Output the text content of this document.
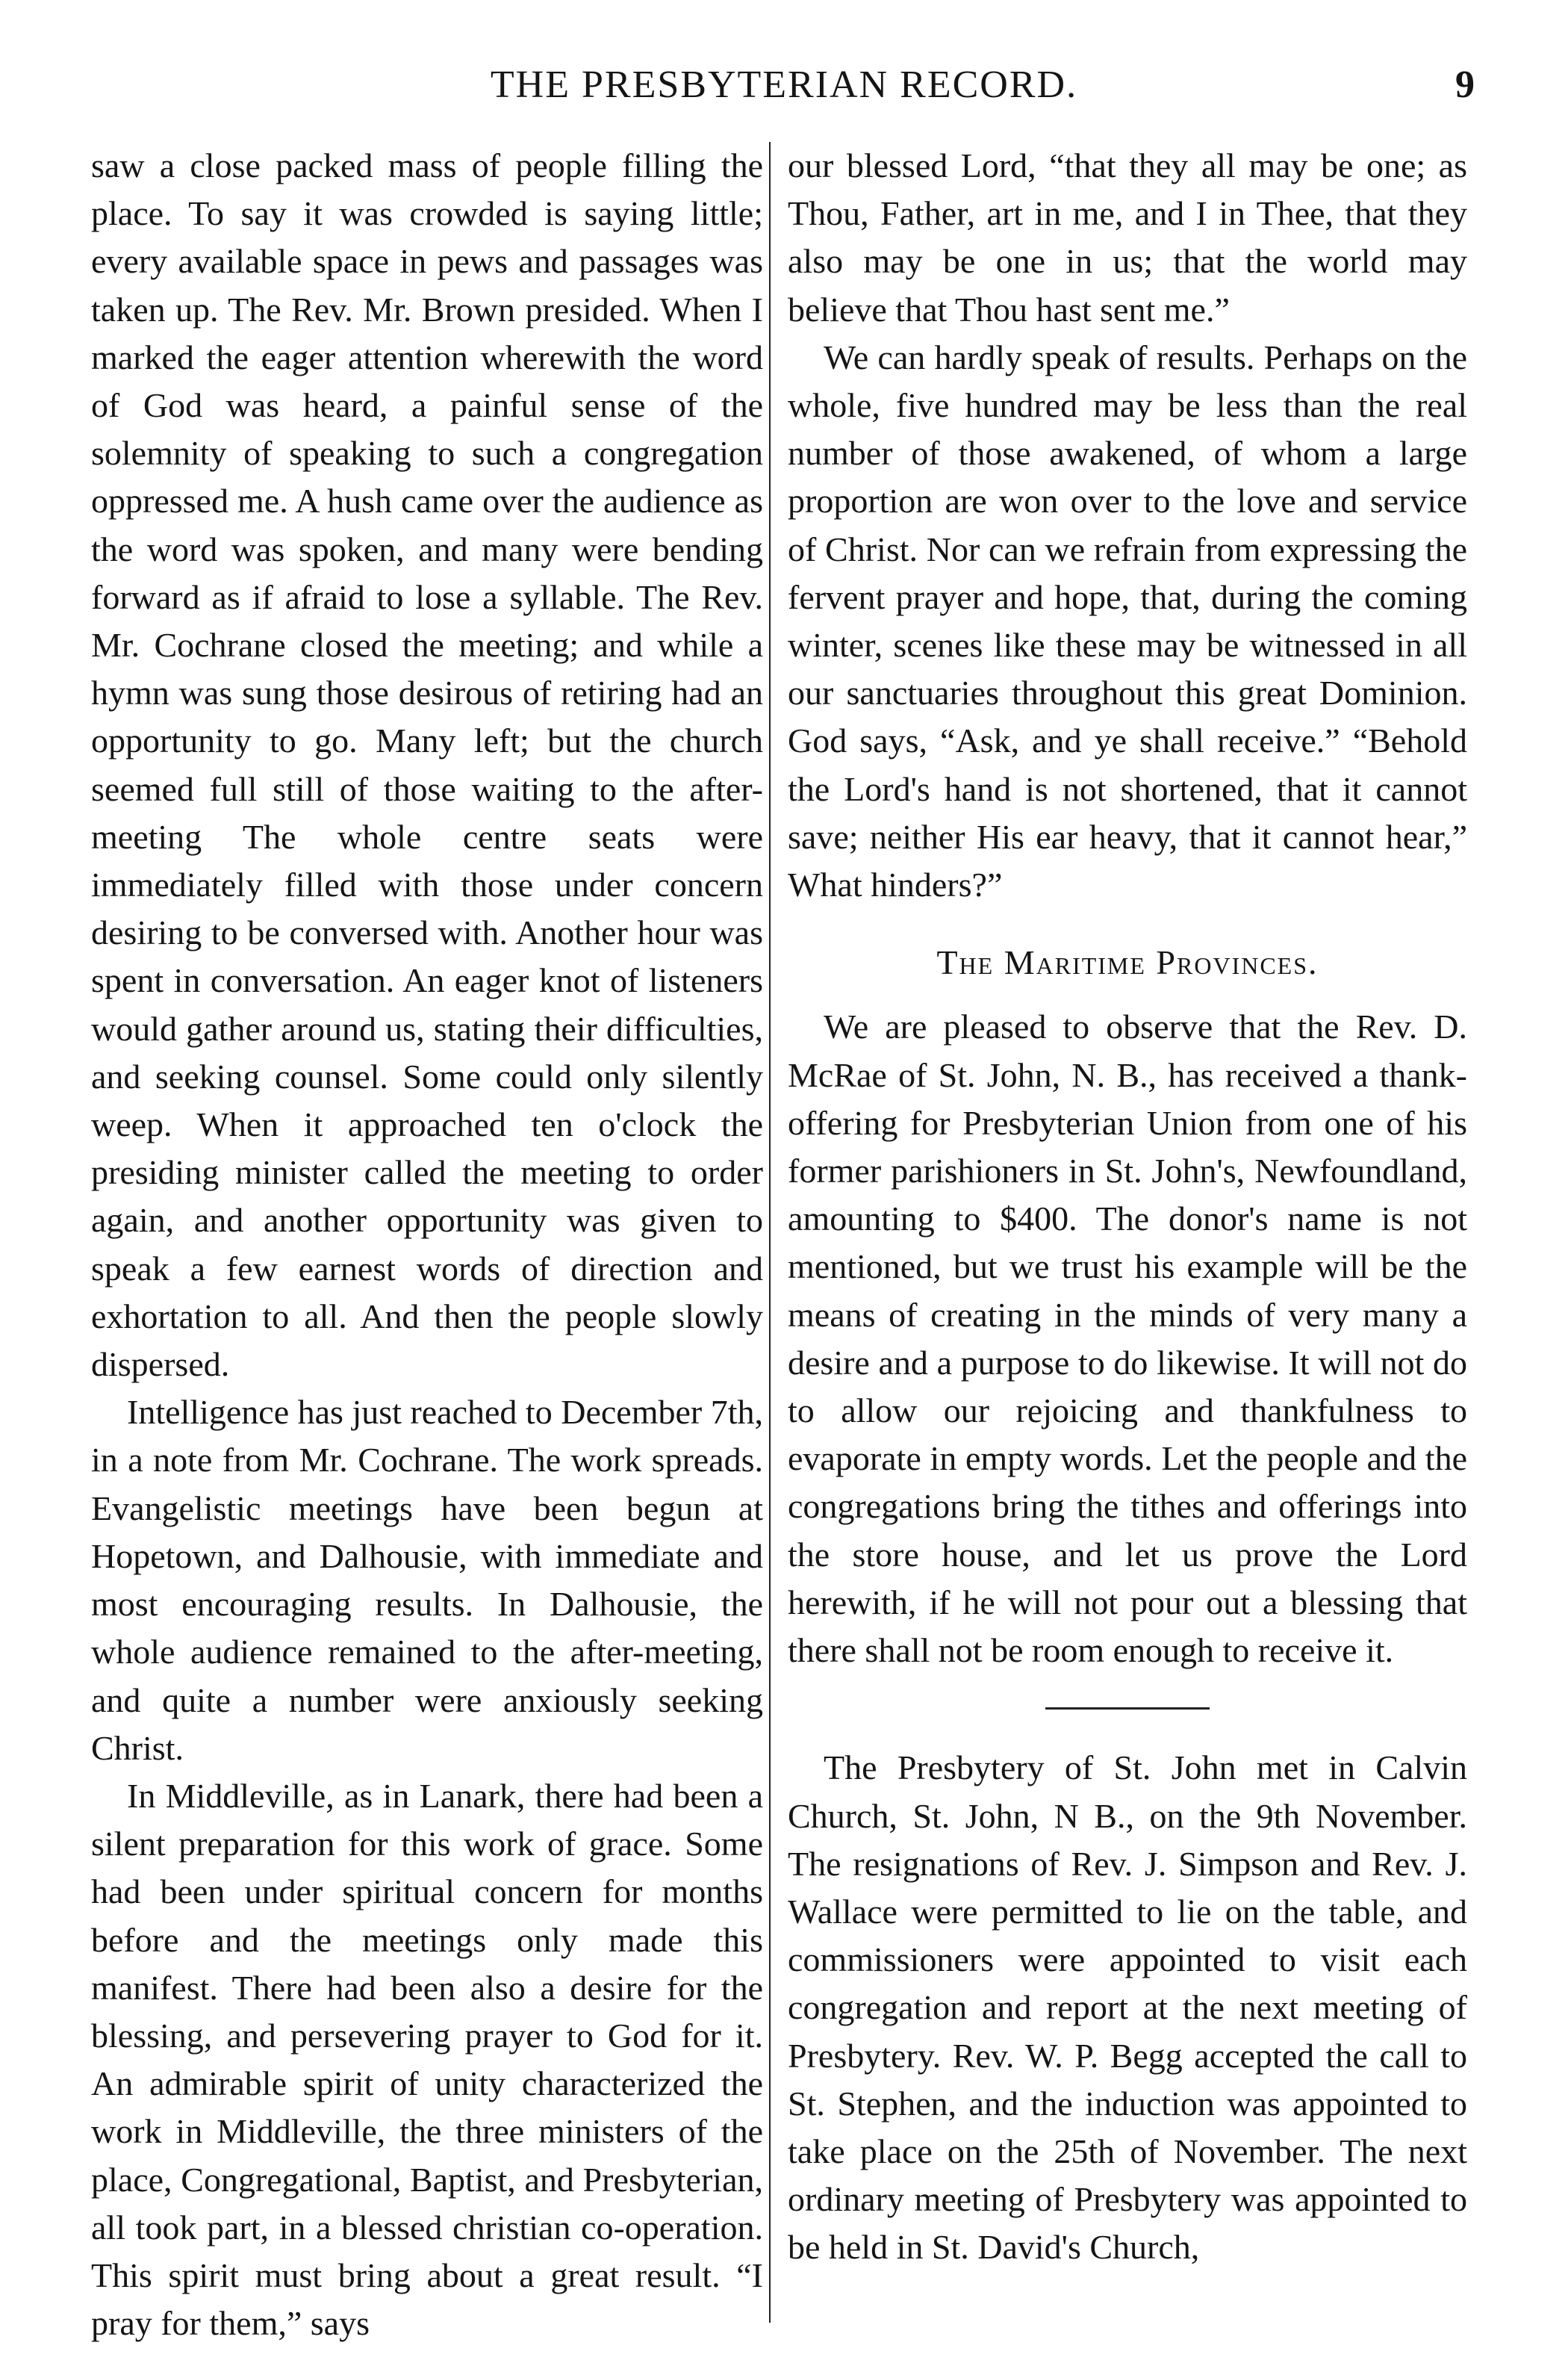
THE PRESBYTERIAN RECORD.	9

saw a close packed mass of people filling the place. To say it was crowded is saying little; every available space in pews and passages was taken up. The Rev. Mr. Brown presided. When I marked the eager attention wherewith the word of God was heard, a painful sense of the solemnity of speaking to such a congregation oppressed me. A hush came over the audience as the word was spoken, and many were bending forward as if afraid to lose a syllable. The Rev. Mr. Cochrane closed the meeting; and while a hymn was sung those desirous of retiring had an opportunity to go. Many left; but the church seemed full still of those waiting to the after-meeting The whole centre seats were immediately filled with those under concern desiring to be conversed with. Another hour was spent in conversation. An eager knot of listeners would gather around us, stating their difficulties, and seeking counsel. Some could only silently weep. When it approached ten o'clock the presiding minister called the meeting to order again, and another opportunity was given to speak a few earnest words of direction and exhortation to all. And then the people slowly dispersed.

Intelligence has just reached to December 7th, in a note from Mr. Cochrane. The work spreads. Evangelistic meetings have been begun at Hopetown, and Dalhousie, with immediate and most encouraging results. In Dalhousie, the whole audience remained to the after-meeting, and quite a number were anxiously seeking Christ.

In Middleville, as in Lanark, there had been a silent preparation for this work of grace. Some had been under spiritual concern for months before and the meetings only made this manifest. There had been also a desire for the blessing, and persevering prayer to God for it. An admirable spirit of unity characterized the work in Middleville, the three ministers of the place, Congregational, Baptist, and Presbyterian, all took part, in a blessed christian co-operation. This spirit must bring about a great result. “I pray for them,” says

our blessed Lord, “that they all may be one; as Thou, Father, art in me, and I in Thee, that they also may be one in us; that the world may believe that Thou hast sent me.”

We can hardly speak of results. Perhaps on the whole, five hundred may be less than the real number of those awakened, of whom a large proportion are won over to the love and service of Christ. Nor can we refrain from expressing the fervent prayer and hope, that, during the coming winter, scenes like these may be witnessed in all our sanctuaries throughout this great Dominion. God says, “Ask, and ye shall receive.” “Behold the Lord's hand is not shortened, that it cannot save; neither His ear heavy, that it cannot hear,” What hinders?”

The Maritime Provinces.

We are pleased to observe that the Rev. D. McRae of St. John, N. B., has received a thank-offering for Presbyterian Union from one of his former parishioners in St. John's, Newfoundland, amounting to $400. The donor's name is not mentioned, but we trust his example will be the means of creating in the minds of very many a desire and a purpose to do likewise. It will not do to allow our rejoicing and thankfulness to evaporate in empty words. Let the people and the congregations bring the tithes and offerings into the store house, and let us prove the Lord herewith, if he will not pour out a blessing that there shall not be room enough to receive it.

The Presbytery of St. John met in Calvin Church, St. John, N B., on the 9th November. The resignations of Rev. J. Simpson and Rev. J. Wallace were permitted to lie on the table, and commissioners were appointed to visit each congregation and report at the next meeting of Presbytery. Rev. W. P. Begg accepted the call to St. Stephen, and the induction was appointed to take place on the 25th of November. The next ordinary meeting of Presbytery was appointed to be held in St. David's Church,
